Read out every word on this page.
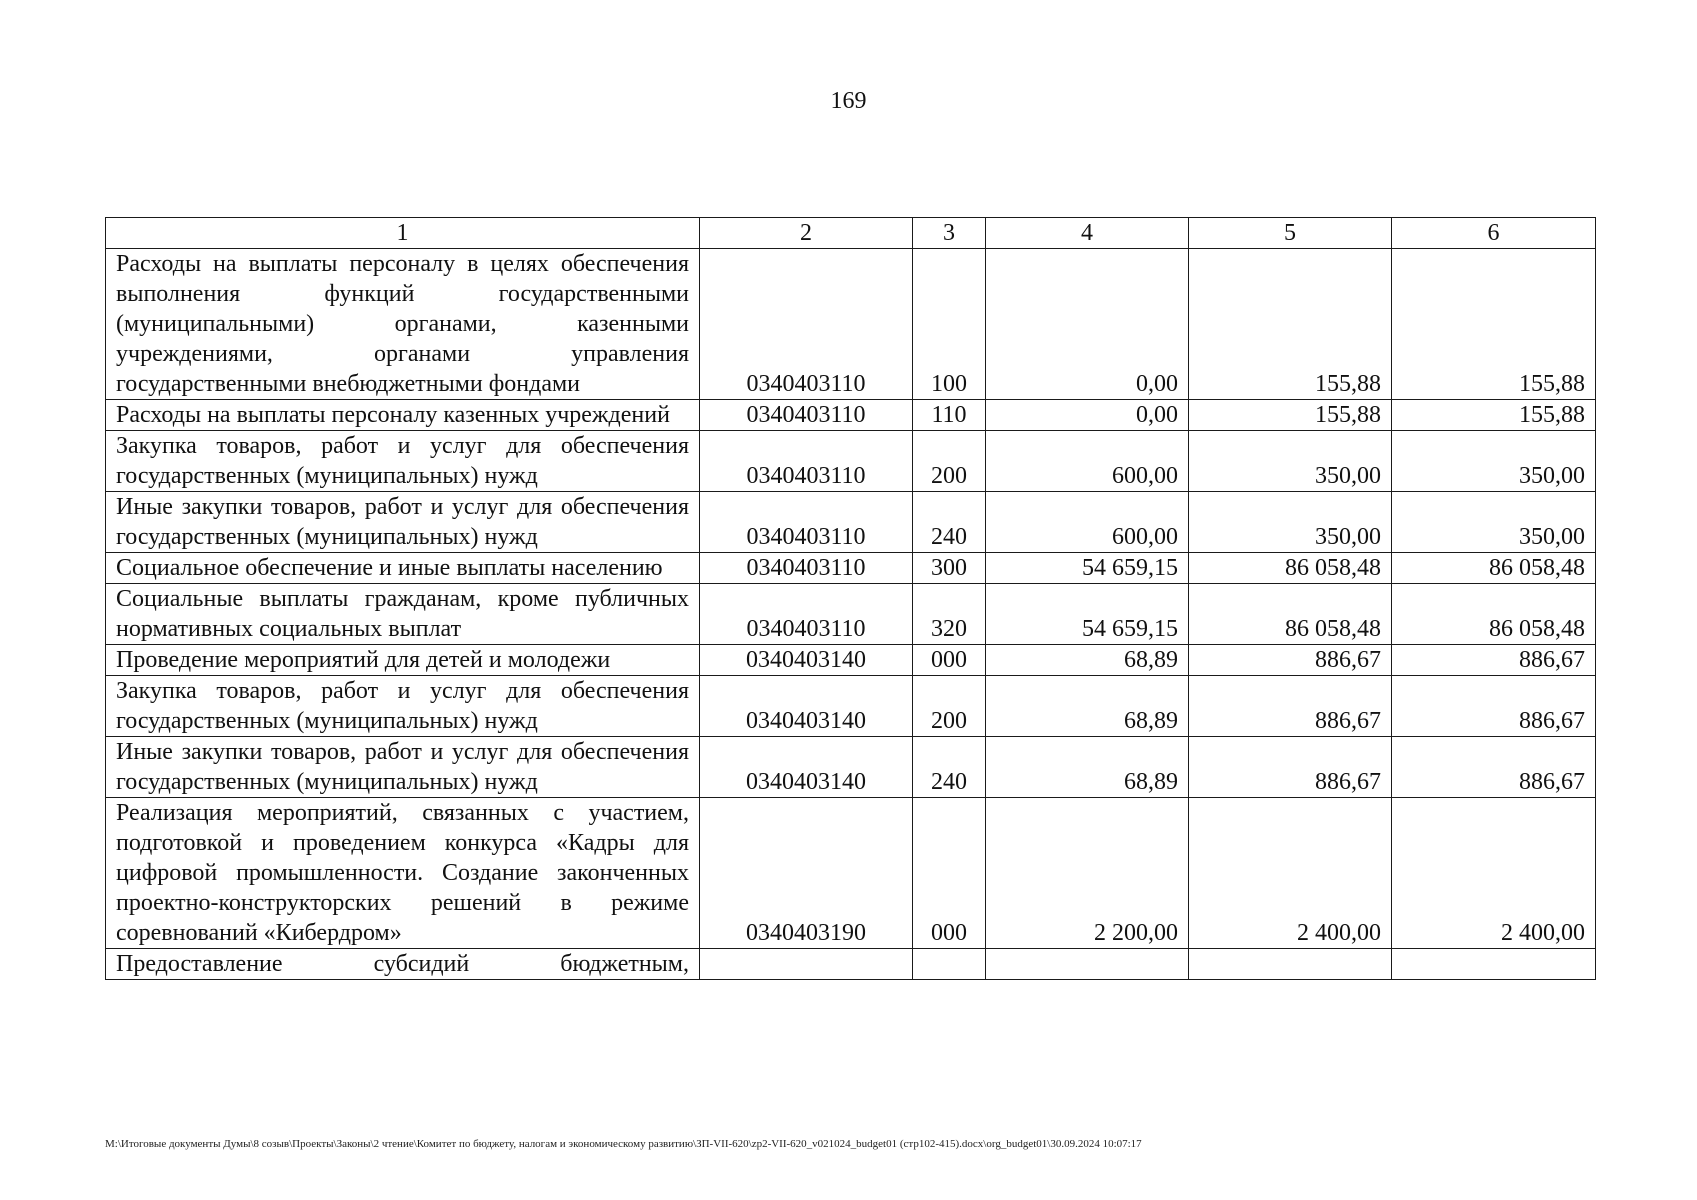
169
1	2	3	4	5	6
Расходы на выплаты персоналу в целях обеспечения выполнения функций государственными (муниципальными) органами, казенными учреждениями, органами управления государственными внебюджетными фондами	0340403110	100	0,00	155,88	155,88
Расходы на выплаты персоналу казенных учреждений	0340403110	110	0,00	155,88	155,88
Закупка товаров, работ и услуг для обеспечения государственных (муниципальных) нужд	0340403110	200	600,00	350,00	350,00
Иные закупки товаров, работ и услуг для обеспечения государственных (муниципальных) нужд	0340403110	240	600,00	350,00	350,00
Социальное обеспечение и иные выплаты населению	0340403110	300	54 659,15	86 058,48	86 058,48
Социальные выплаты гражданам, кроме публичных нормативных социальных выплат	0340403110	320	54 659,15	86 058,48	86 058,48
Проведение мероприятий для детей и молодежи	0340403140	000	68,89	886,67	886,67
Закупка товаров, работ и услуг для обеспечения государственных (муниципальных) нужд	0340403140	200	68,89	886,67	886,67
Иные закупки товаров, работ и услуг для обеспечения государственных (муниципальных) нужд	0340403140	240	68,89	886,67	886,67
Реализация мероприятий, связанных с участием, подготовкой и проведением конкурса «Кадры для цифровой промышленности. Создание законченных проектно-конструкторских решений в режиме соревнований «Кибердром»	0340403190	000	2 200,00	2 400,00	2 400,00
Предоставление субсидий бюджетным,					
M:\Итоговые документы Думы\8 созыв\Проекты\Законы\2 чтение\Комитет по бюджету, налогам и экономическому развитию\ЗП-VII-620\zp2-VII-620_v021024_budget01 (стр102-415).docx\org_budget01\30.09.2024 10:07:17
